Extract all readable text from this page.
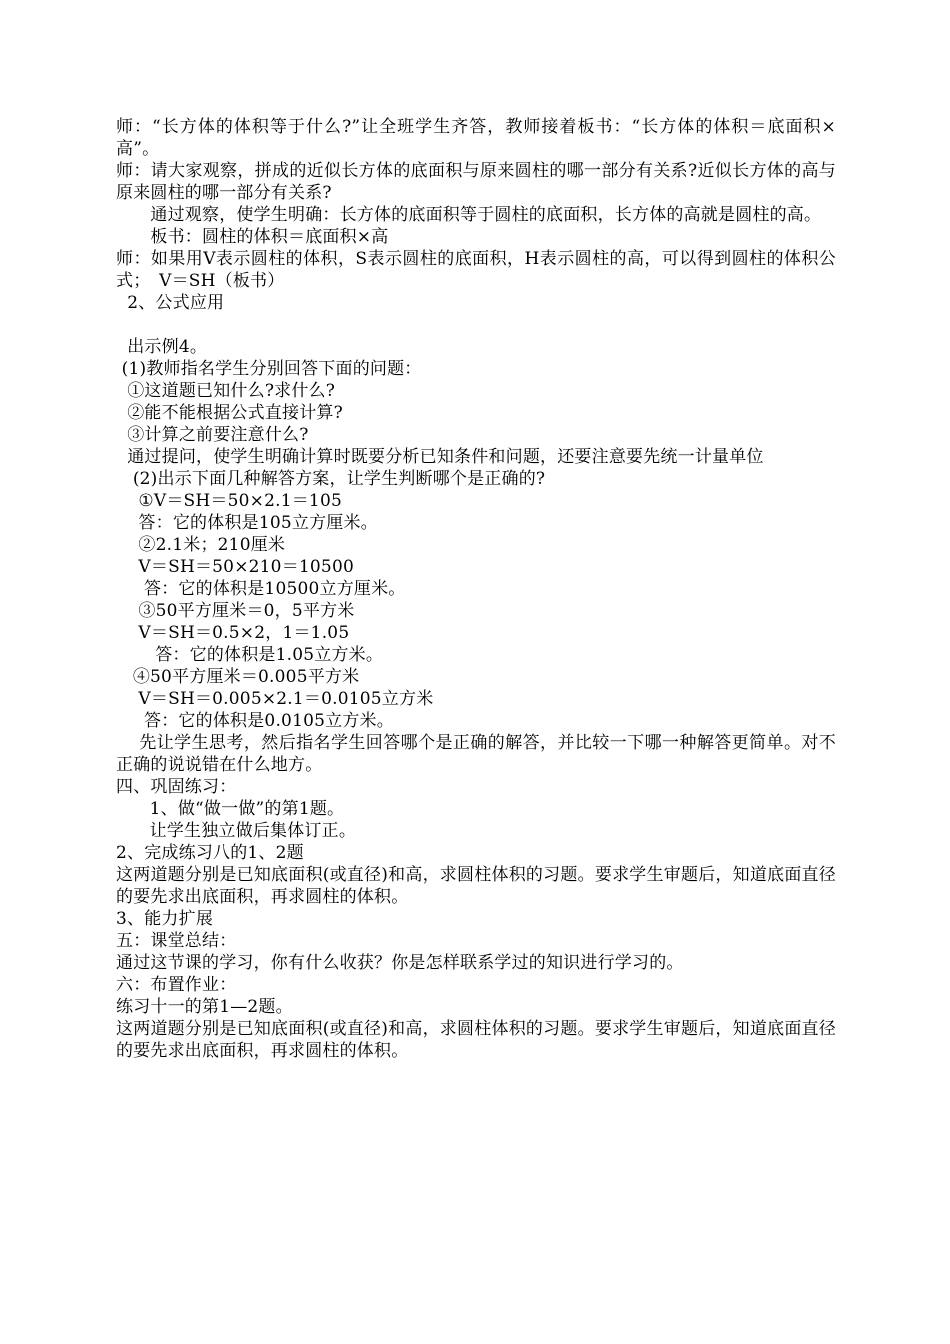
师：“长方体的体积等于什么?”让全班学生齐答，教师接着板书：“长方体的体积＝底面积×高”。
师：请大家观察，拼成的近似长方体的底面积与原来圆柱的哪一部分有关系?近似长方体的高与原来圆柱的哪一部分有关系?
　　通过观察，使学生明确：长方体的底面积等于圆柱的底面积，长方体的高就是圆柱的高。
　　板书：圆柱的体积＝底面积×高
师：如果用V表示圆柱的体积，S表示圆柱的底面积，H表示圆柱的高，可以得到圆柱的体积公式；　V＝SH（板书）
2、公式应用
出示例4。
(1)教师指名学生分别回答下面的问题：
①这道题已知什么?求什么?
②能不能根据公式直接计算?
③计算之前要注意什么?
通过提问，使学生明确计算时既要分析已知条件和问题，还要注意要先统一计量单位
(2)出示下面几种解答方案，让学生判断哪个是正确的?
①V＝SH＝50×2.1＝105
答：它的体积是105立方厘米。
②2.1米；210厘米
V＝SH＝50×210＝10500
答：它的体积是10500立方厘米。
③50平方厘米＝0，5平方米
V＝SH＝0.5×2，1＝1.05
答：它的体积是1.05立方米。
④50平方厘米＝0.005平方米
V＝SH＝0.005×2.1＝0.0105立方米
答：它的体积是0.0105立方米。
先让学生思考，然后指名学生回答哪个是正确的解答，并比较一下哪一种解答更简单。对不正确的说说错在什么地方。
四、巩固练习：
1、做“做一做”的第1题。
让学生独立做后集体订正。
2、完成练习八的1、2题
这两道题分别是已知底面积(或直径)和高，求圆柱体积的习题。要求学生审题后，知道底面直径的要先求出底面积，再求圆柱的体积。
3、能力扩展
五：课堂总结：
通过这节课的学习，你有什么收获？你是怎样联系学过的知识进行学习的。
六：布置作业：
练习十一的第1—2题。
这两道题分别是已知底面积(或直径)和高，求圆柱体积的习题。要求学生审题后，知道底面直径的要先求出底面积，再求圆柱的体积。
